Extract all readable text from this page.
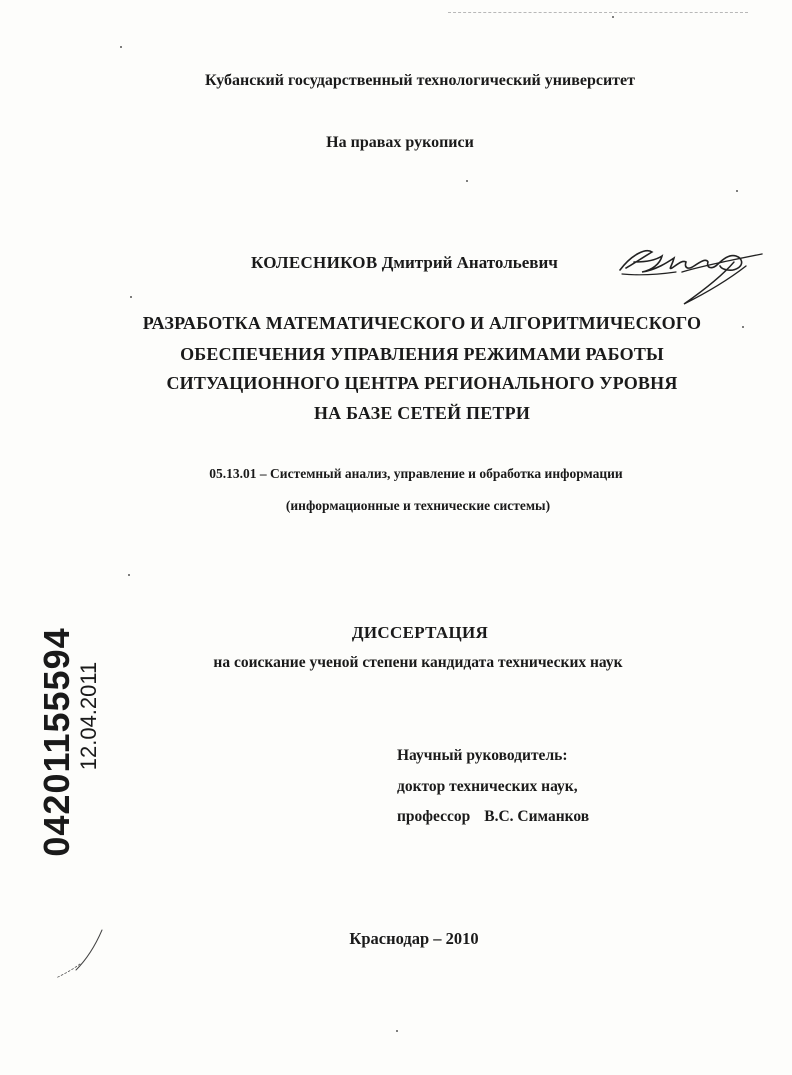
Кубанский государственный технологический университет
На правах рукописи
КОЛЕСНИКОВ Дмитрий Анатольевич
РАЗРАБОТКА МАТЕМАТИЧЕСКОГО И АЛГОРИТМИЧЕСКОГО
ОБЕСПЕЧЕНИЯ УПРАВЛЕНИЯ РЕЖИМАМИ РАБОТЫ
СИТУАЦИОННОГО ЦЕНТРА РЕГИОНАЛЬНОГО УРОВНЯ
НА БАЗЕ СЕТЕЙ ПЕТРИ
05.13.01 – Системный анализ, управлениe и обработка информации
(информационные и технические системы)
ДИССЕРТАЦИЯ
на соискание ученой степени кандидата технических наук
Научный руководитель:
доктор технических наук,
профессор В.С. Симанков
Краснодар – 2010
04201155594 12.04.2011
